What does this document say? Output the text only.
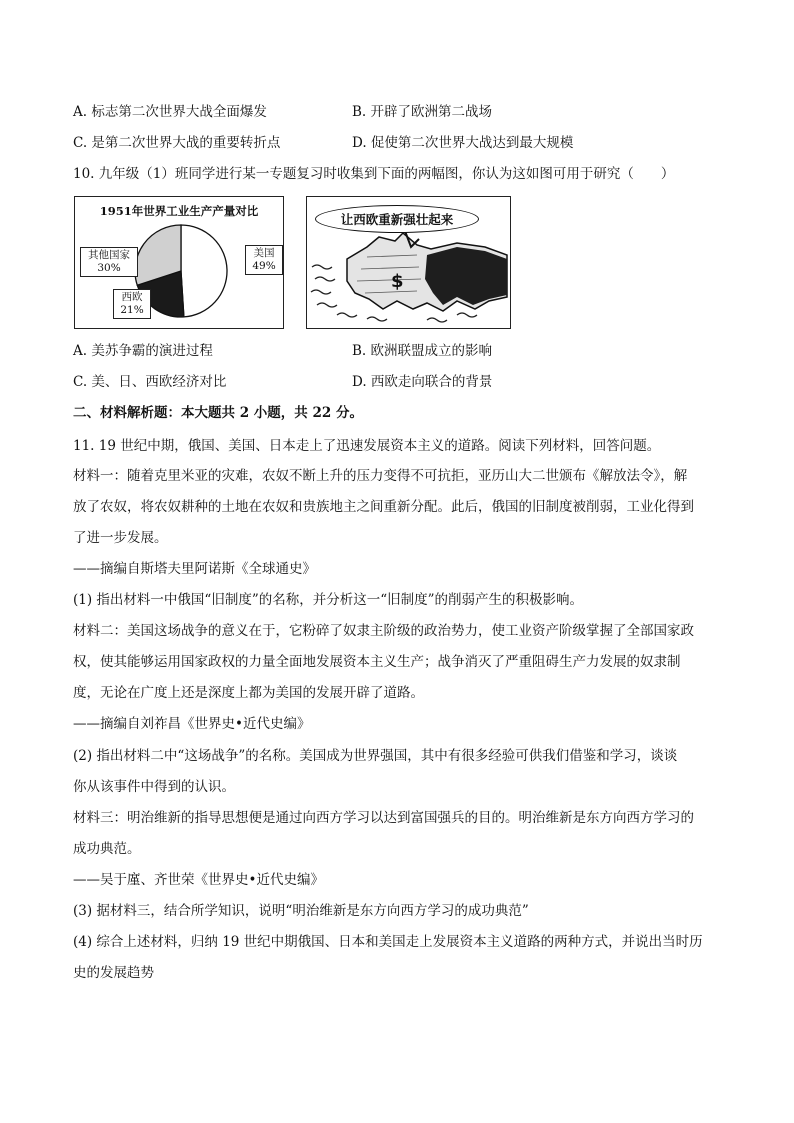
A. 标志第二次世界大战全面爆发	B. 开辟了欧洲第二战场
C. 是第二次世界大战的重要转折点	D. 促使第二次世界大战达到最大规模
10. 九年级（1）班同学进行某一专题复习时收集到下面的两幅图，你认为这如图可用于研究（　　）
1951年世界工业生产产量对比
其他国家
30%
美国
49%
西欧
21%
让西欧重新强壮起来
$
A. 美苏争霸的演进过程	B. 欧洲联盟成立的影响
C. 美、日、西欧经济对比	D. 西欧走向联合的背景
二、材料解析题：本大题共 2 小题，共 22 分。
11. 19 世纪中期，俄国、美国、日本走上了迅速发展资本主义的道路。阅读下列材料，回答问题。
材料一：随着克里米亚的灾难，农奴不断上升的压力变得不可抗拒，亚历山大二世颁布《解放法令》，解
放了农奴，将农奴耕种的土地在农奴和贵族地主之间重新分配。此后，俄国的旧制度被削弱，工业化得到
了进一步发展。
——摘编自斯塔夫里阿诺斯《全球通史》
(1) 指出材料一中俄国“旧制度”的名称，并分析这一“旧制度”的削弱产生的积极影响。
材料二：美国这场战争的意义在于，它粉碎了奴隶主阶级的政治势力，使工业资产阶级掌握了全部国家政
权，使其能够运用国家政权的力量全面地发展资本主义生产；战争消灭了严重阻碍生产力发展的奴隶制
度，无论在广度上还是深度上都为美国的发展开辟了道路。
——摘编自刘祚昌《世界史•近代史编》
(2) 指出材料二中“这场战争”的名称。美国成为世界强国，其中有很多经验可供我们借鉴和学习，谈谈
你从该事件中得到的认识。
材料三：明治维新的指导思想便是通过向西方学习以达到富国强兵的目的。明治维新是东方向西方学习的
成功典范。
——吴于廑、齐世荣《世界史•近代史编》
(3) 据材料三，结合所学知识，说明“明治维新是东方向西方学习的成功典范”
(4) 综合上述材料，归纳 19 世纪中期俄国、日本和美国走上发展资本主义道路的两种方式，并说出当时历
史的发展趋势
